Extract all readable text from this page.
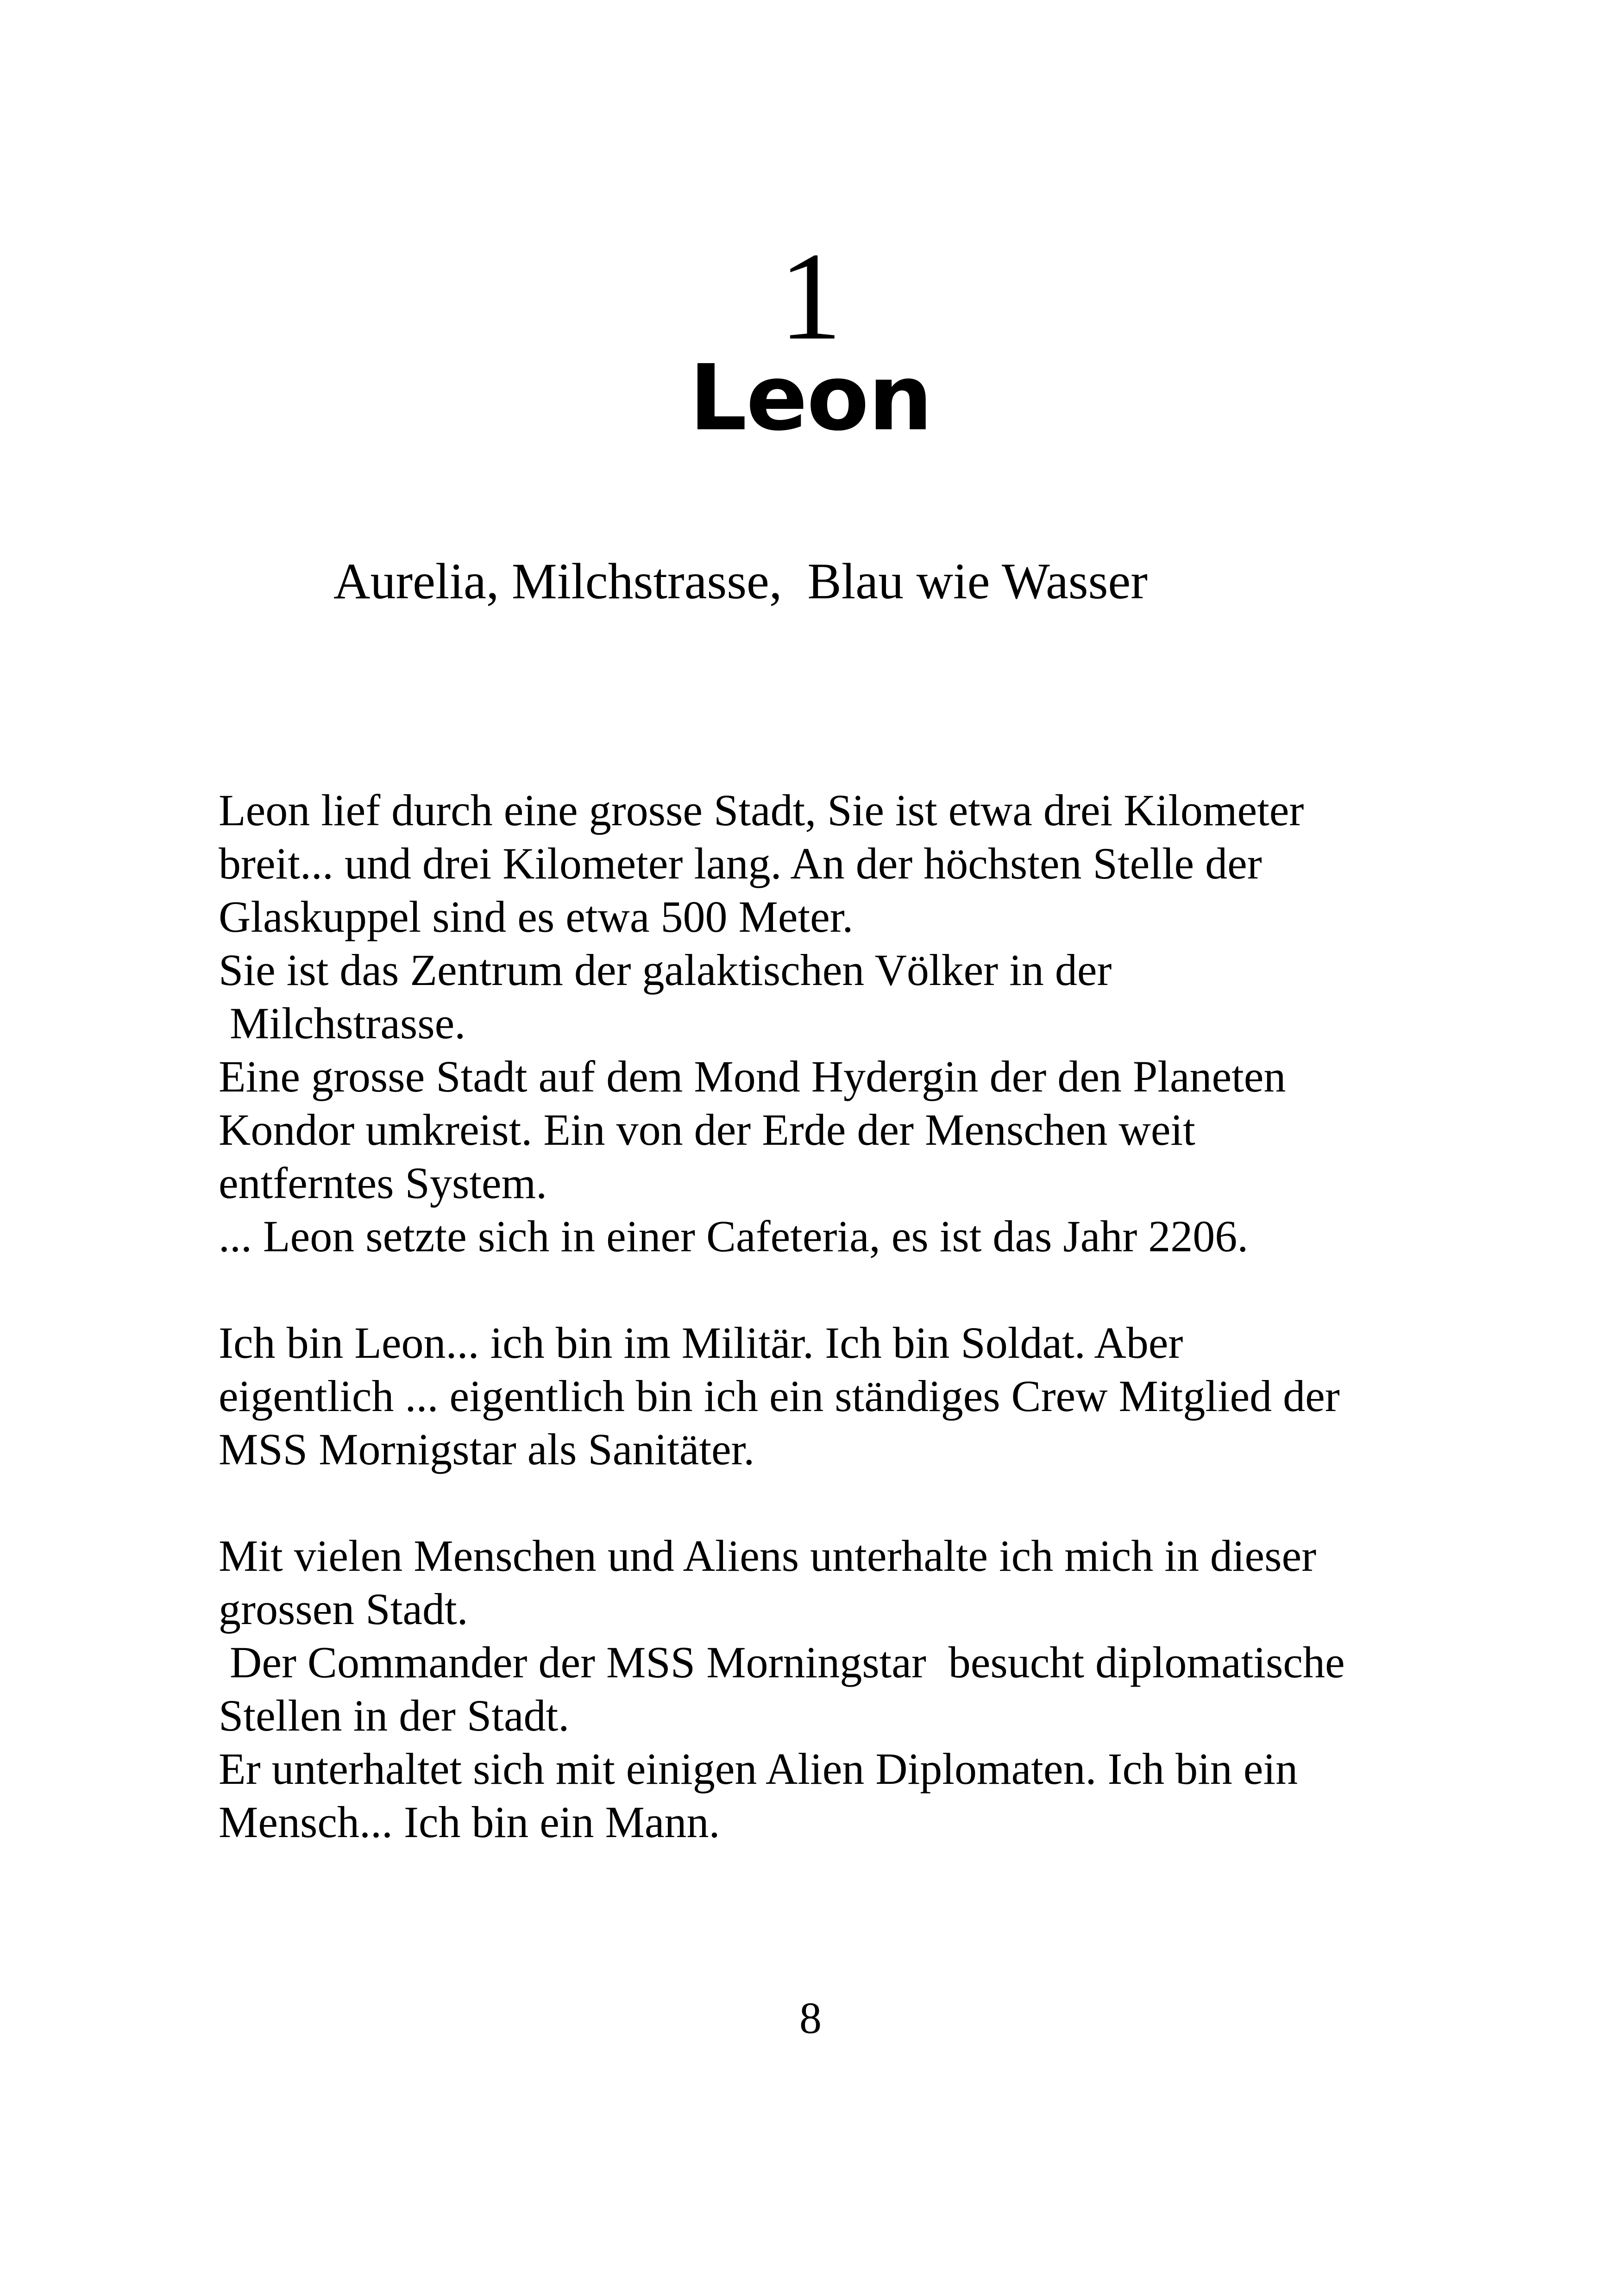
1
Leon

Aurelia, Milchstrasse,  Blau wie Wasser

Leon lief durch eine grosse Stadt, Sie ist etwa drei Kilometer
breit... und drei Kilometer lang. An der höchsten Stelle der
Glaskuppel sind es etwa 500 Meter.
Sie ist das Zentrum der galaktischen Völker in der
Milchstrasse.
Eine grosse Stadt auf dem Mond Hydergin der den Planeten
Kondor umkreist. Ein von der Erde der Menschen weit
entferntes System.
... Leon setzte sich in einer Cafeteria, es ist das Jahr 2206.
Ich bin Leon... ich bin im Militär. Ich bin Soldat. Aber
eigentlich ... eigentlich bin ich ein ständiges Crew Mitglied der
MSS Mornigstar als Sanitäter.
Mit vielen Menschen und Aliens unterhalte ich mich in dieser
grossen Stadt.
Der Commander der MSS Morningstar  besucht diplomatische
Stellen in der Stadt.
Er unterhaltet sich mit einigen Alien Diplomaten. Ich bin ein
Mensch... Ich bin ein Mann.

8
